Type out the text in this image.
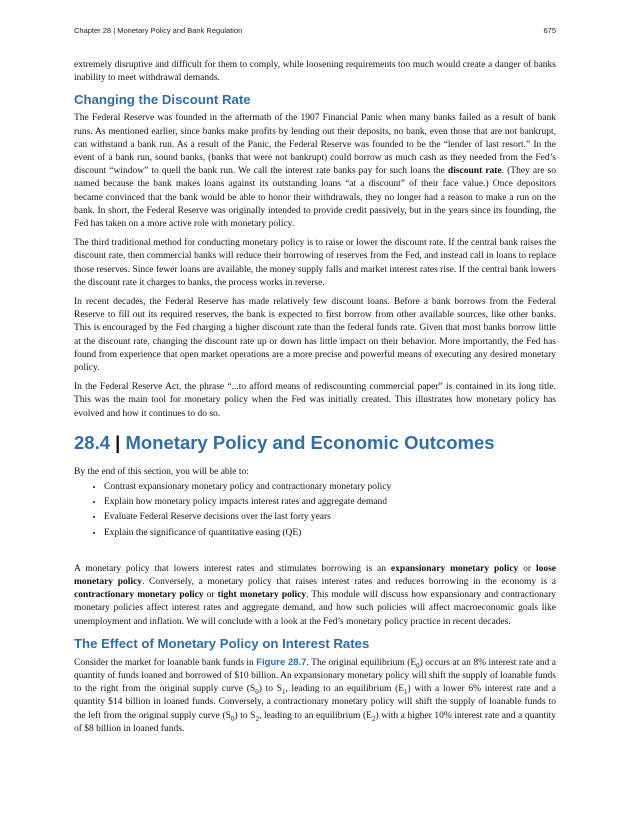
Chapter 28 | Monetary Policy and Bank Regulation	675

extremely disruptive and difficult for them to comply, while loosening requirements too much would create a danger of banks inability to meet withdrawal demands.

Changing the Discount Rate

The Federal Reserve was founded in the aftermath of the 1907 Financial Panic when many banks failed as a result of bank runs. As mentioned earlier, since banks make profits by lending out their deposits, no bank, even those that are not bankrupt, can withstand a bank run. As a result of the Panic, the Federal Reserve was founded to be the “lender of last resort.” In the event of a bank run, sound banks, (banks that were not bankrupt) could borrow as much cash as they needed from the Fed’s discount “window” to quell the bank run. We call the interest rate banks pay for such loans the discount rate. (They are so named because the bank makes loans against its outstanding loans “at a discount” of their face value.) Once depositors became convinced that the bank would be able to honor their withdrawals, they no longer had a reason to make a run on the bank. In short, the Federal Reserve was originally intended to provide credit passively, but in the years since its founding, the Fed has taken on a more active role with monetary policy.

The third traditional method for conducting monetary policy is to raise or lower the discount rate. If the central bank raises the discount rate, then commercial banks will reduce their borrowing of reserves from the Fed, and instead call in loans to replace those reserves. Since fewer loans are available, the money supply falls and market interest rates rise. If the central bank lowers the discount rate it charges to banks, the process works in reverse.

In recent decades, the Federal Reserve has made relatively few discount loans. Before a bank borrows from the Federal Reserve to fill out its required reserves, the bank is expected to first borrow from other available sources, like other banks. This is encouraged by the Fed charging a higher discount rate than the federal funds rate. Given that most banks borrow little at the discount rate, changing the discount rate up or down has little impact on their behavior. More importantly, the Fed has found from experience that open market operations are a more precise and powerful means of executing any desired monetary policy.

In the Federal Reserve Act, the phrase “...to afford means of rediscounting commercial paper” is contained in its long title. This was the main tool for monetary policy when the Fed was initially created. This illustrates how monetary policy has evolved and how it continues to do so.

28.4 | Monetary Policy and Economic Outcomes
By the end of this section, you will be able to:
• Contrast expansionary monetary policy and contractionary monetary policy
• Explain how monetary policy impacts interest rates and aggregate demand
• Evaluate Federal Reserve decisions over the last forty years
• Explain the significance of quantitative easing (QE)

A monetary policy that lowers interest rates and stimulates borrowing is an expansionary monetary policy or loose monetary policy. Conversely, a monetary policy that raises interest rates and reduces borrowing in the economy is a contractionary monetary policy or tight monetary policy. This module will discuss how expansionary and contractionary monetary policies affect interest rates and aggregate demand, and how such policies will affect macroeconomic goals like unemployment and inflation. We will conclude with a look at the Fed’s monetary policy practice in recent decades.

The Effect of Monetary Policy on Interest Rates

Consider the market for loanable bank funds in Figure 28.7. The original equilibrium $(E_0)$ occurs at an 8% interest rate and a quantity of funds loaned and borrowed of $10 billion. An expansionary monetary policy will shift the supply of loanable funds to the right from the original supply curve $(S_0)$ to $S_1$, leading to an equilibrium $(E_1)$ with a lower 6% interest rate and a quantity $14 billion in loaned funds. Conversely, a contractionary monetary policy will shift the supply of loanable funds to the left from the original supply curve $(S_0)$ to $S_2$, leading to an equilibrium $(E_2)$ with a higher 10% interest rate and a quantity of $8 billion in loaned funds.
